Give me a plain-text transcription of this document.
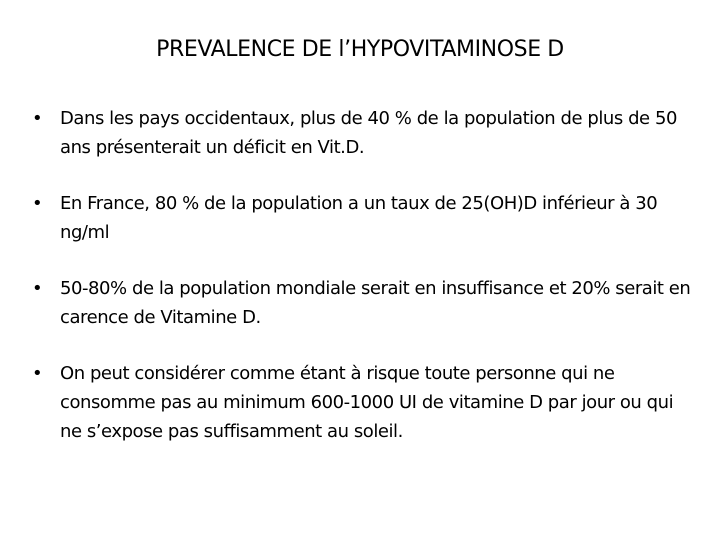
PREVALENCE DE l’HYPOVITAMINOSE D
• Dans les pays occidentaux, plus de 40 % de la population de plus de 50 ans présenterait un déficit en Vit.D.
• En France, 80 % de la population a un taux de 25(OH)D inférieur à 30 ng/ml
• 50-80% de la population mondiale serait en insuffisance et 20% serait en carence de Vitamine D.
• On peut considérer comme étant à risque toute personne qui ne consomme pas au minimum 600-1000 UI de vitamine D par jour ou qui ne s’expose pas suffisamment au soleil.
